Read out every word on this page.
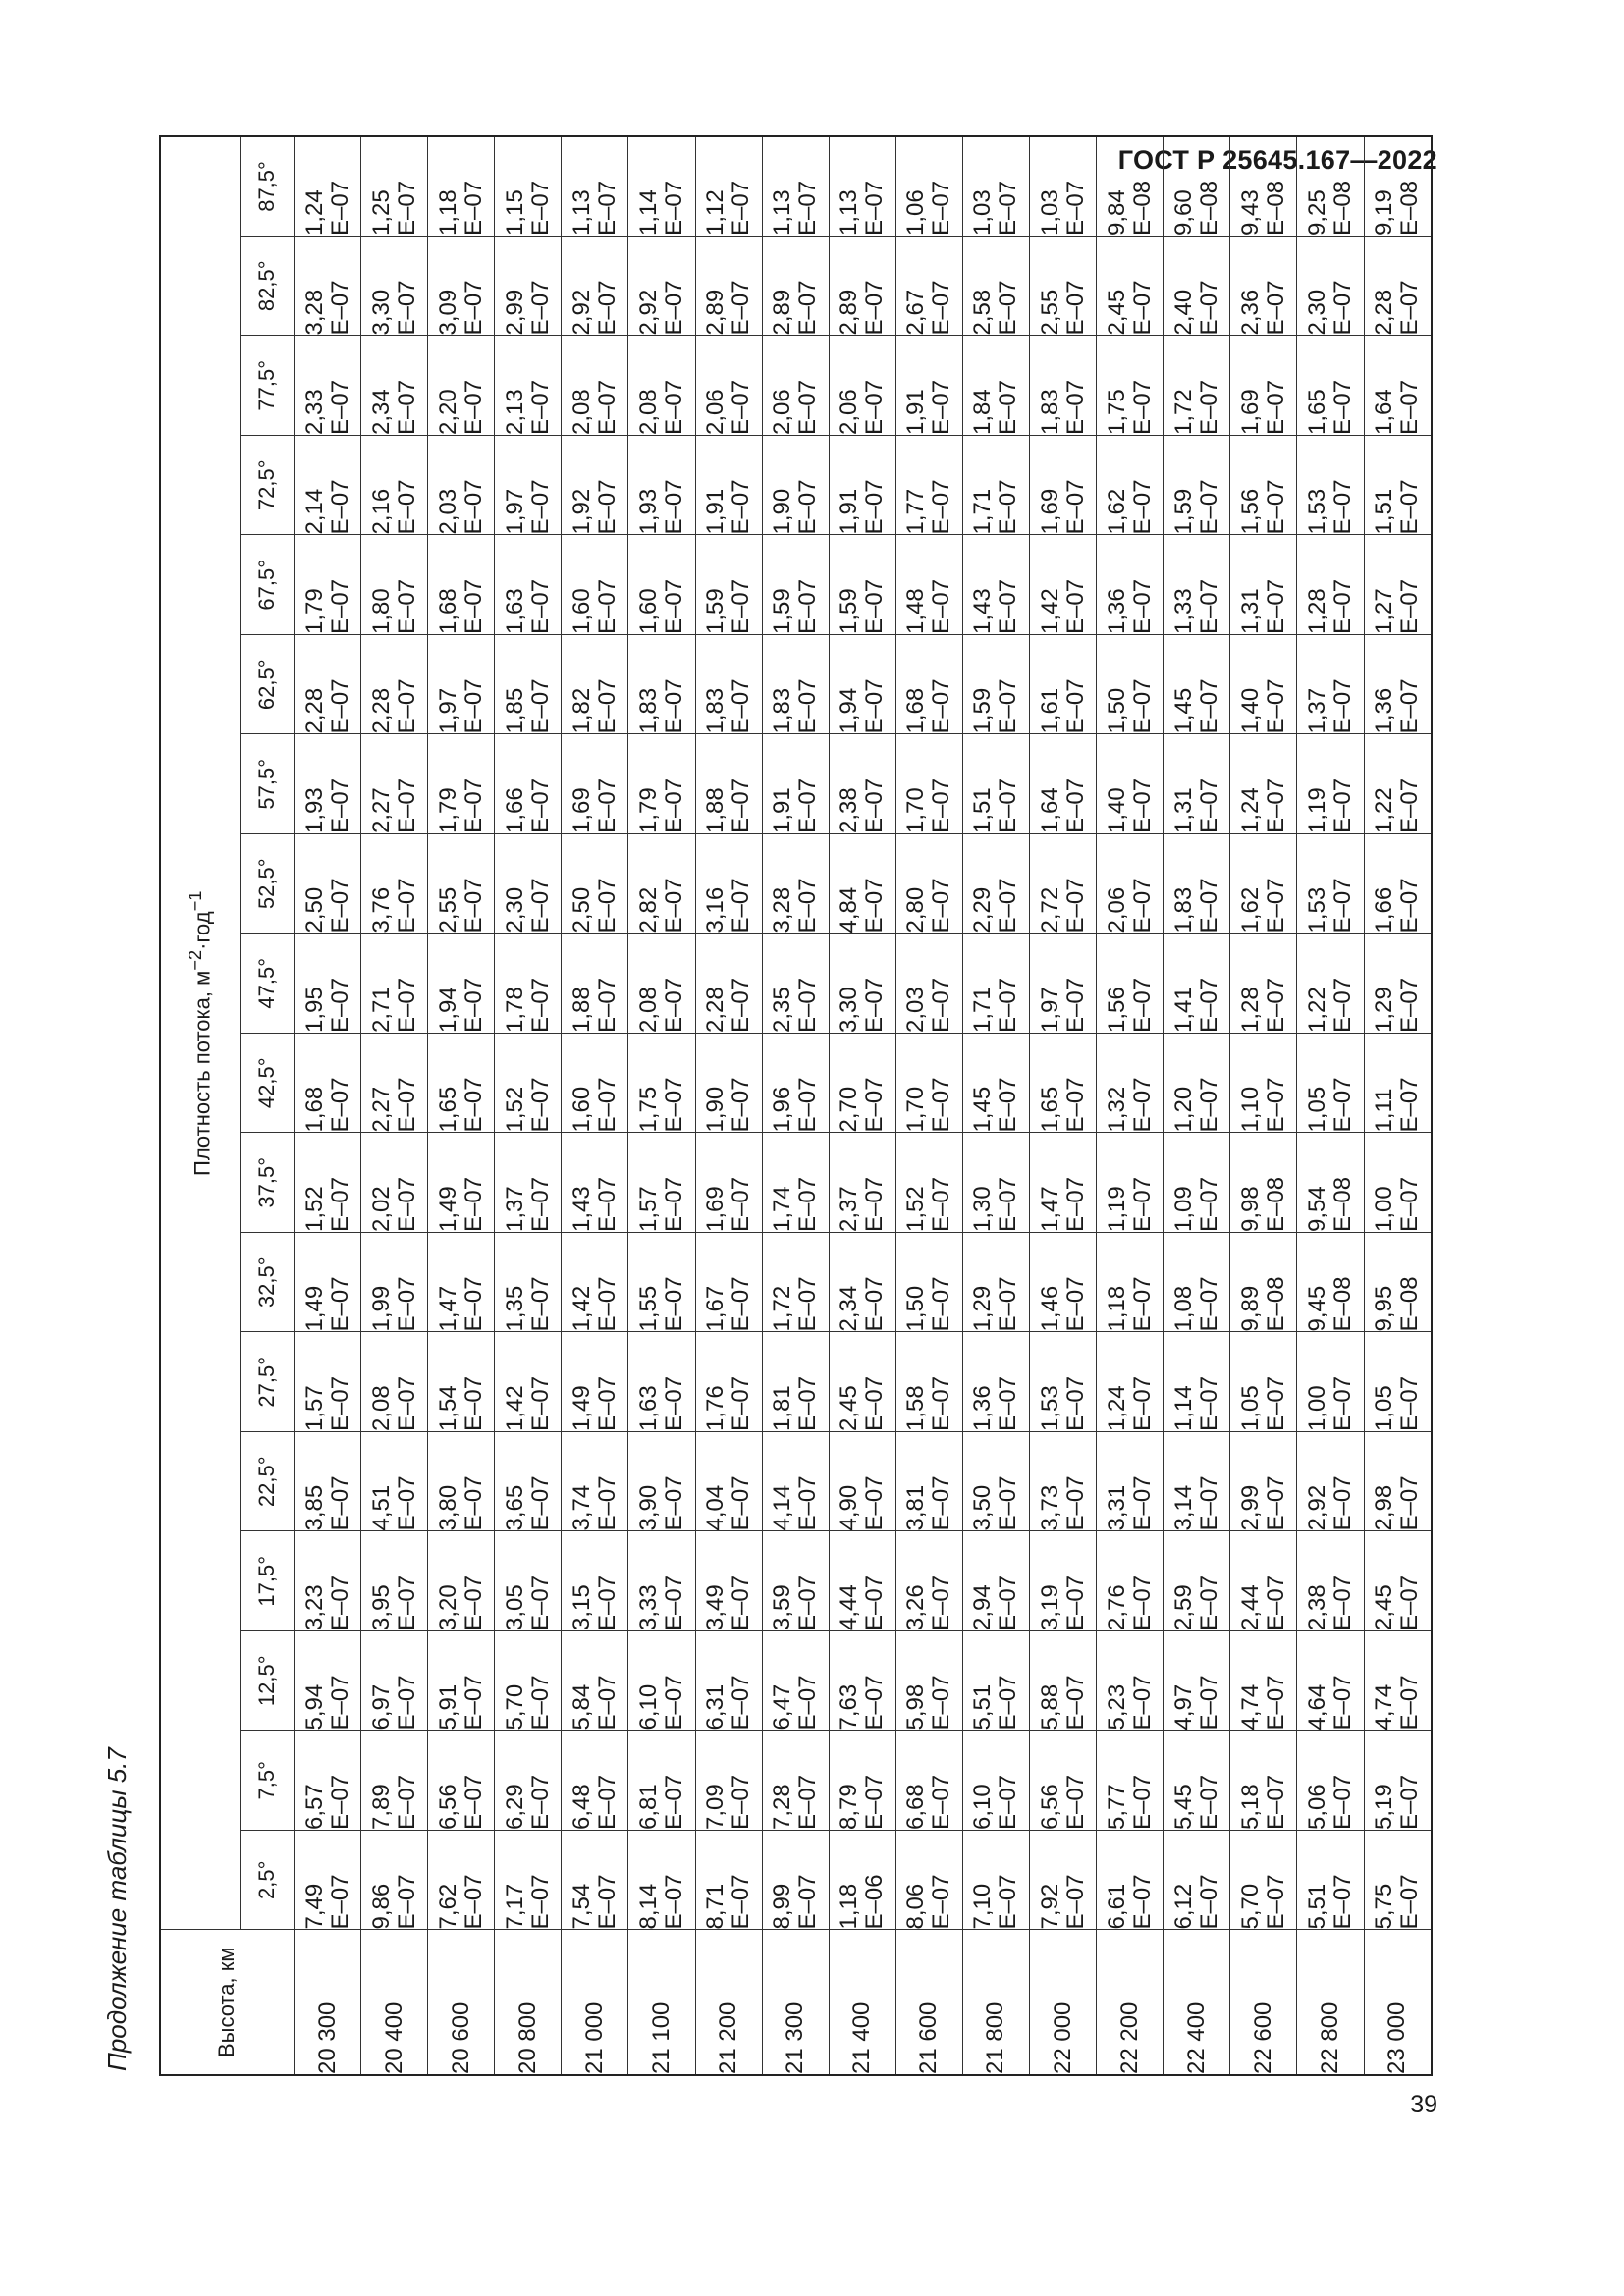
ГОСТ Р 25645.167—2022
Продолжение таблицы 5.7	Высота, км	Плотность потока, $м^{-2}\cdot год^{-1}$
	2,5°	7,5°	12,5°	17,5°	22,5°	27,5°	32,5°	37,5°	42,5°	47,5°	52,5°	57,5°	62,5°	67,5°	72,5°	77,5°	82,5°	87,5°
20 300	7,49 E–07	6,57 E–07	5,94 E–07	3,23 E–07	3,85 E–07	1,57 E–07	1,49 E–07	1,52 E–07	1,68 E–07	1,95 E–07	2,50 E–07	1,93 E–07	2,28 E–07	1,79 E–07	2,14 E–07	2,33 E–07	3,28 E–07	1,24 E–07

20 400	9,86 E–07	7,89 E–07	6,97 E–07	3,95 E–07	4,51 E–07	2,08 E–07	1,99 E–07	2,02 E–07	2,27 E–07	2,71 E–07	3,76 E–07	2,27 E–07	2,28 E–07	1,80 E–07	2,16 E–07	2,34 E–07	3,30 E–07	1,25 E–07

20 600	7,62 E–07	6,56 E–07	5,91 E–07	3,20 E–07	3,80 E–07	1,54 E–07	1,47 E–07	1,49 E–07	1,65 E–07	1,94 E–07	2,55 E–07	1,79 E–07	1,97 E–07	1,68 E–07	2,03 E–07	2,20 E–07	3,09 E–07	1,18 E–07

20 800	7,17 E–07	6,29 E–07	5,70 E–07	3,05 E–07	3,65 E–07	1,42 E–07	1,35 E–07	1,37 E–07	1,52 E–07	1,78 E–07	2,30 E–07	1,66 E–07	1,85 E–07	1,63 E–07	1,97 E–07	2,13 E–07	2,99 E–07	1,15 E–07

21 000	7,54 E–07	6,48 E–07	5,84 E–07	3,15 E–07	3,74 E–07	1,49 E–07	1,42 E–07	1,43 E–07	1,60 E–07	1,88 E–07	2,50 E–07	1,69 E–07	1,82 E–07	1,60 E–07	1,92 E–07	2,08 E–07	2,92 E–07	1,13 E–07

21 100	8,14 E–07	6,81 E–07	6,10 E–07	3,33 E–07	3,90 E–07	1,63 E–07	1,55 E–07	1,57 E–07	1,75 E–07	2,08 E–07	2,82 E–07	1,79 E–07	1,83 E–07	1,60 E–07	1,93 E–07	2,08 E–07	2,92 E–07	1,14 E–07

21 200	8,71 E–07	7,09 E–07	6,31 E–07	3,49 E–07	4,04 E–07	1,76 E–07	1,67 E–07	1,69 E–07	1,90 E–07	2,28 E–07	3,16 E–07	1,88 E–07	1,83 E–07	1,59 E–07	1,91 E–07	2,06 E–07	2,89 E–07	1,12 E–07

21 300	8,99 E–07	7,28 E–07	6,47 E–07	3,59 E–07	4,14 E–07	1,81 E–07	1,72 E–07	1,74 E–07	1,96 E–07	2,35 E–07	3,28 E–07	1,91 E–07	1,83 E–07	1,59 E–07	1,90 E–07	2,06 E–07	2,89 E–07	1,13 E–07

21 400	1,18 E–06	8,79 E–07	7,63 E–07	4,44 E–07	4,90 E–07	2,45 E–07	2,34 E–07	2,37 E–07	2,70 E–07	3,30 E–07	4,84 E–07	2,38 E–07	1,94 E–07	1,59 E–07	1,91 E–07	2,06 E–07	2,89 E–07	1,13 E–07

21 600	8,06 E–07	6,68 E–07	5,98 E–07	3,26 E–07	3,81 E–07	1,58 E–07	1,50 E–07	1,52 E–07	1,70 E–07	2,03 E–07	2,80 E–07	1,70 E–07	1,68 E–07	1,48 E–07	1,77 E–07	1,91 E–07	2,67 E–07	1,06 E–07

21 800	7,10 E–07	6,10 E–07	5,51 E–07	2,94 E–07	3,50 E–07	1,36 E–07	1,29 E–07	1,30 E–07	1,45 E–07	1,71 E–07	2,29 E–07	1,51 E–07	1,59 E–07	1,43 E–07	1,71 E–07	1,84 E–07	2,58 E–07	1,03 E–07

22 000	7,92 E–07	6,56 E–07	5,88 E–07	3,19 E–07	3,73 E–07	1,53 E–07	1,46 E–07	1,47 E–07	1,65 E–07	1,97 E–07	2,72 E–07	1,64 E–07	1,61 E–07	1,42 E–07	1,69 E–07	1,83 E–07	2,55 E–07	1,03 E–07

22 200	6,61 E–07	5,77 E–07	5,23 E–07	2,76 E–07	3,31 E–07	1,24 E–07	1,18 E–07	1,19 E–07	1,32 E–07	1,56 E–07	2,06 E–07	1,40 E–07	1,50 E–07	1,36 E–07	1,62 E–07	1,75 E–07	2,45 E–07	9,84 E–08

22 400	6,12 E–07	5,45 E–07	4,97 E–07	2,59 E–07	3,14 E–07	1,14 E–07	1,08 E–07	1,09 E–07	1,20 E–07	1,41 E–07	1,83 E–07	1,31 E–07	1,45 E–07	1,33 E–07	1,59 E–07	1,72 E–07	2,40 E–07	9,60 E–08

22 600	5,70 E–07	5,18 E–07	4,74 E–07	2,44 E–07	2,99 E–07	1,05 E–07	9,89 E–08	9,98 E–08	1,10 E–07	1,28 E–07	1,62 E–07	1,24 E–07	1,40 E–07	1,31 E–07	1,56 E–07	1,69 E–07	2,36 E–07	9,43 E–08

22 800	5,51 E–07	5,06 E–07	4,64 E–07	2,38 E–07	2,92 E–07	1,00 E–07	9,45 E–08	9,54 E–08	1,05 E–07	1,22 E–07	1,53 E–07	1,19 E–07	1,37 E–07	1,28 E–07	1,53 E–07	1,65 E–07	2,30 E–07	9,25 E–08

23 000	5,75 E–07	5,19 E–07	4,74 E–07	2,45 E–07	2,98 E–07	1,05 E–07	9,95 E–08	1,00 E–07	1,11 E–07	1,29 E–07	1,66 E–07	1,22 E–07	1,36 E–07	1,27 E–07	1,51 E–07	1,64 E–07	2,28 E–07	9,19 E–08
39
